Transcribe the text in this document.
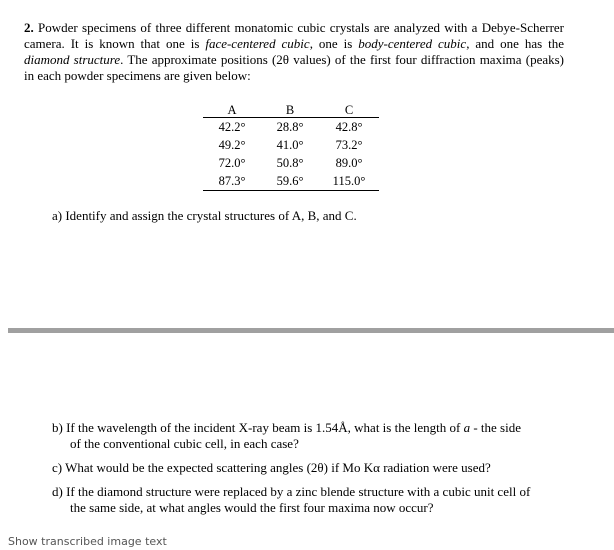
2. Powder specimens of three different monatomic cubic crystals are analyzed with a Debye-Scherrer camera. It is known that one is face-centered cubic, one is body-centered cubic, and one has the diamond structure. The approximate positions (2θ values) of the first four diffraction maxima (peaks) in each powder specimens are given below:
A	B	C
42.2°	28.8°	42.8°
49.2°	41.0°	73.2°
72.0°	50.8°	89.0°
87.3°	59.6°	115.0°
a) Identify and assign the crystal structures of A, B, and C.
b) If the wavelength of the incident X-ray beam is 1.54Å, what is the length of a - the side
of the conventional cubic cell, in each case?
c) What would be the expected scattering angles (2θ) if Mo Kα radiation were used?
d) If the diamond structure were replaced by a zinc blende structure with a cubic unit cell of
the same side, at what angles would the first four maxima now occur?
Show transcribed image text
